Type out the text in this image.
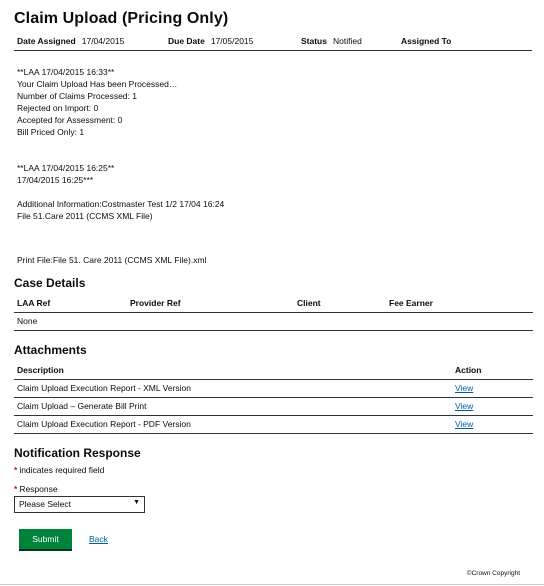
Claim Upload (Pricing Only)
Date Assigned 17/04/2015	Due Date 17/05/2015	Status Notified	Assigned To
**LAA 17/04/2015 16:33**
Your Claim Upload Has been Processed…
Number of Claims Processed: 1
Rejected on Import: 0
Accepted for Assessment: 0
Bill Priced Only: 1
**LAA 17/04/2015 16:25**
17/04/2015 16:25***
Additional Information:Costmaster Test 1/2 17/04 16:24
File 51.Care 2011 (CCMS XML File)
Print File:File 51. Care 2011 (CCMS XML File).xml
Case Details
LAA Ref	Provider Ref	Client	Fee Earner
None
Attachments
Description	Action
Claim Upload Execution Report - XML Version	View
Claim Upload – Generate Bill Print	View
Claim Upload Execution Report - PDF Version	View
Notification Response
* indicates required field
* Response
Please Select	▼
Submit	Back
©Crown Copyright
